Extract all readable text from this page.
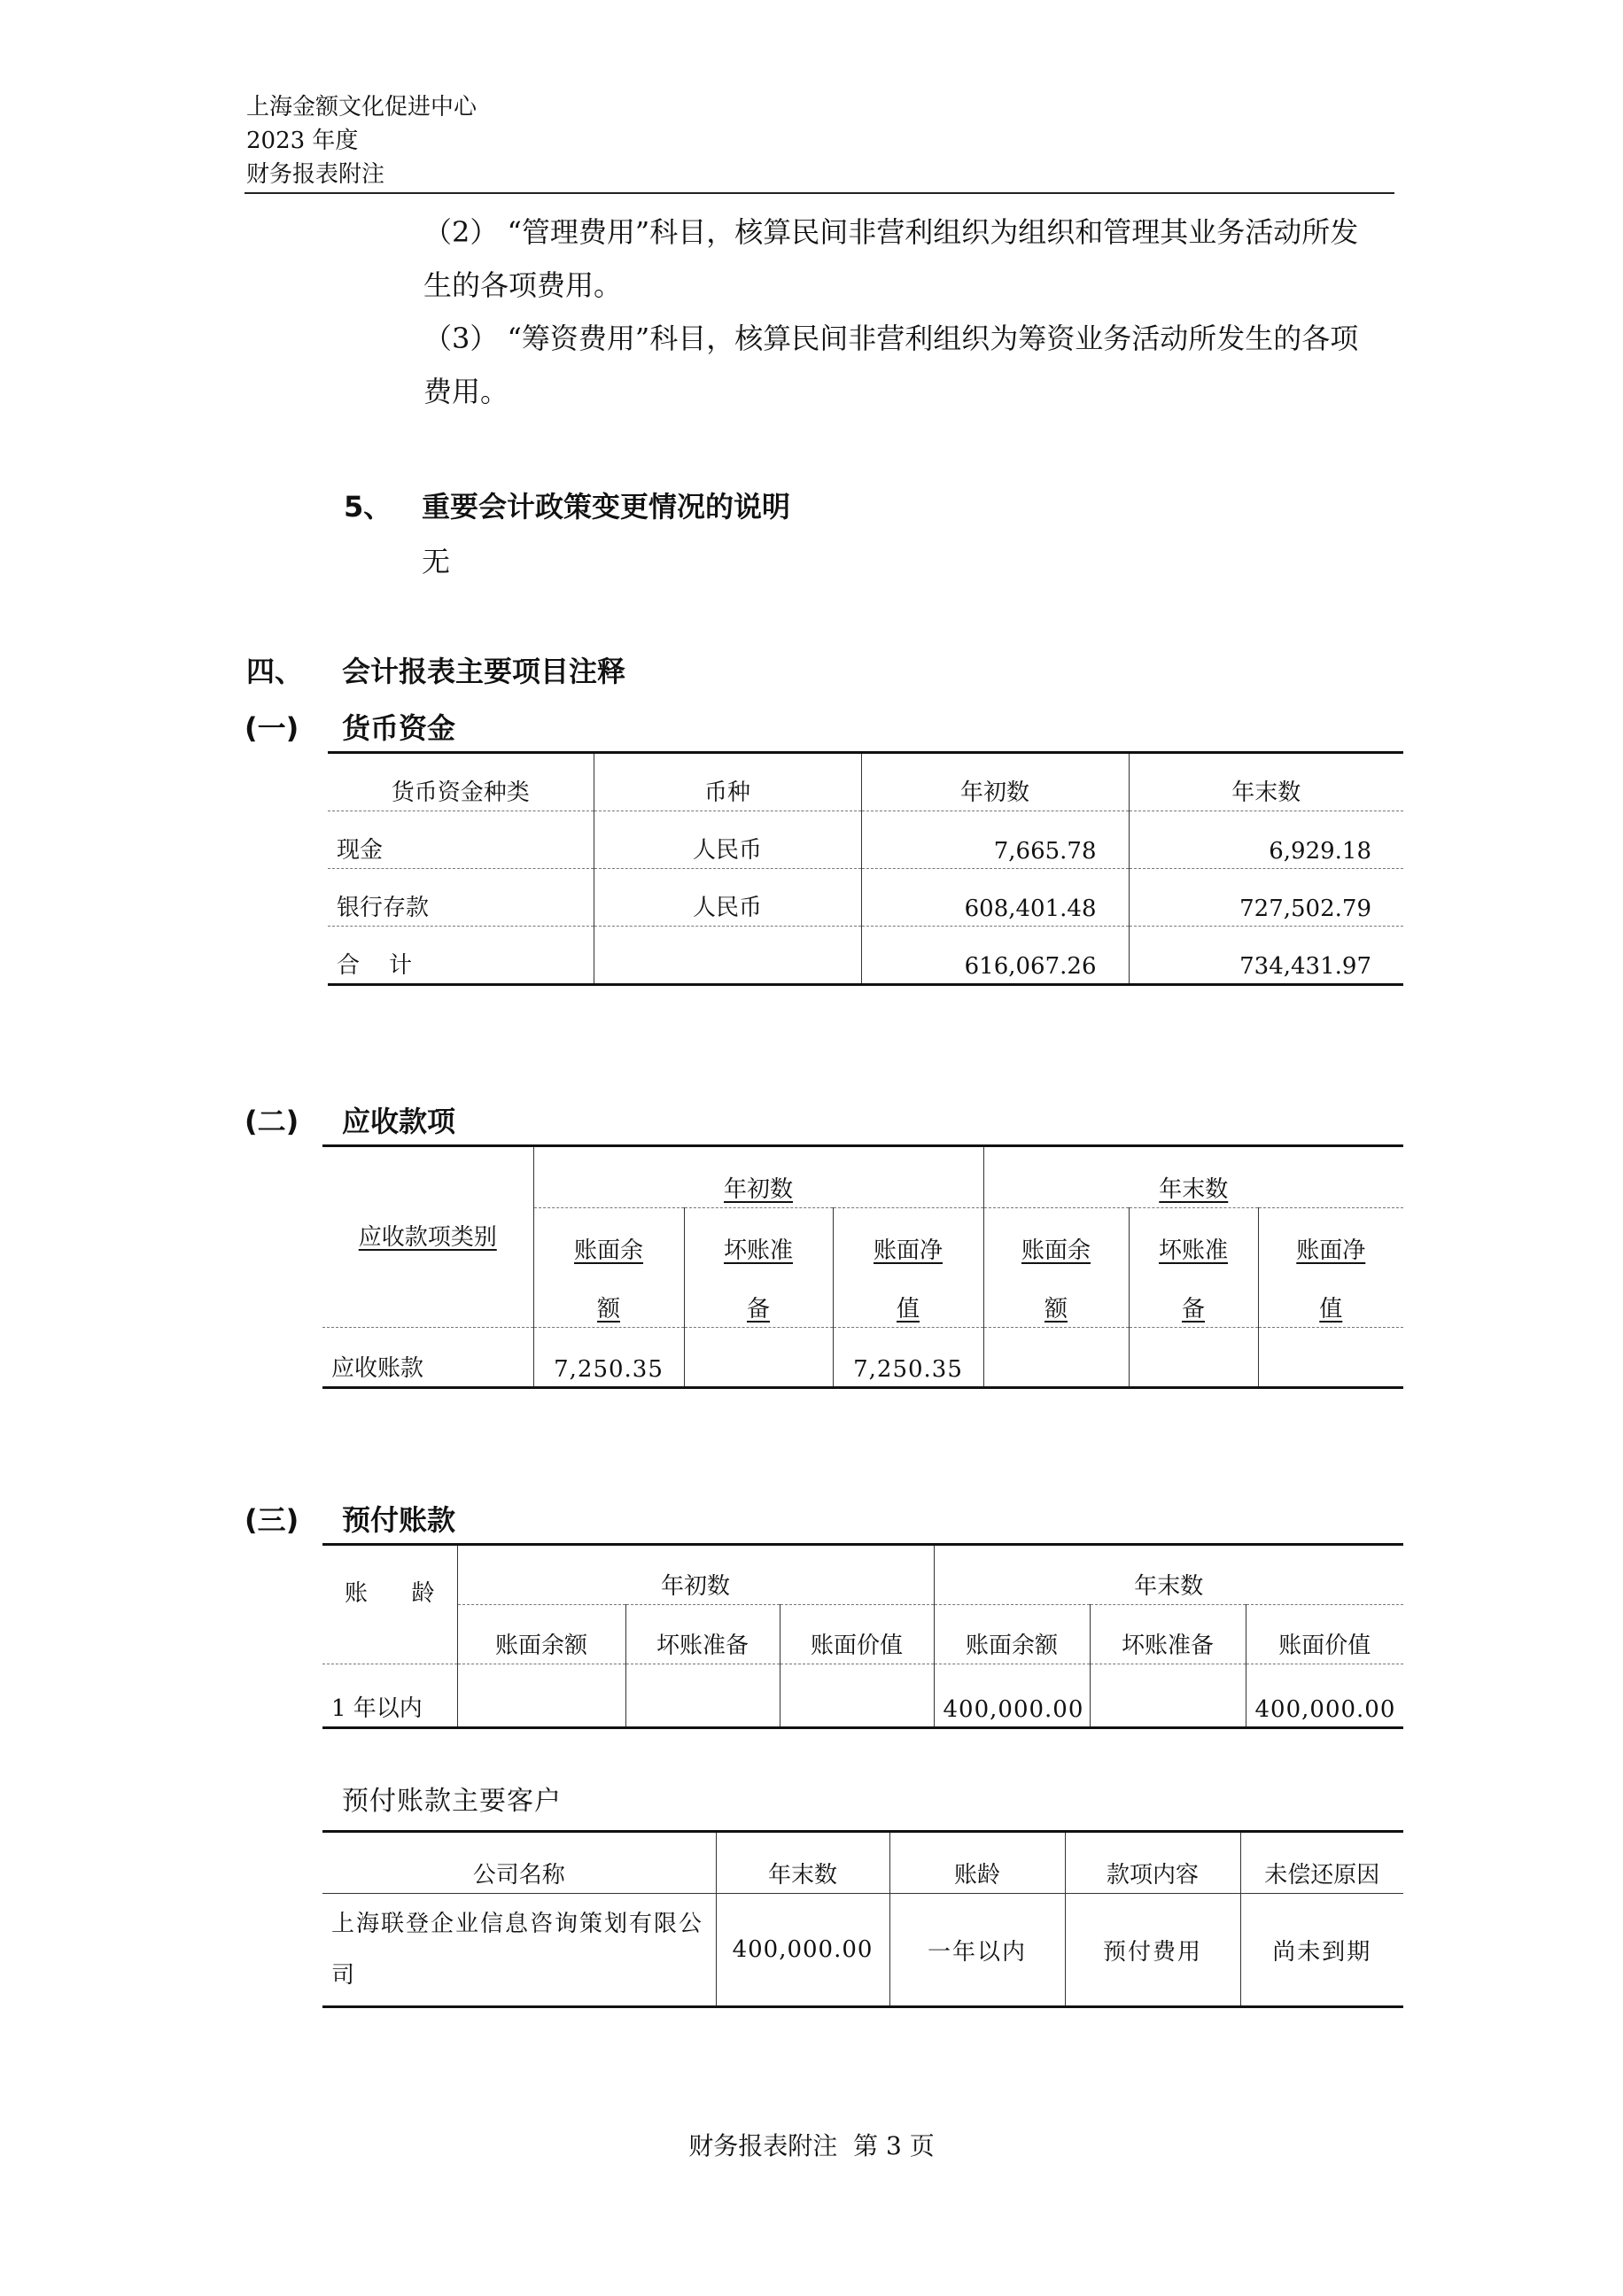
上海金额文化促进中心
2023 年度
财务报表附注
（2） “管理费用”科目，核算民间非营利组织为组织和管理其业务活动所发
生的各项费用。
（3） “筹资费用”科目，核算民间非营利组织为筹资业务活动所发生的各项
费用。
5、 重要会计政策变更情况的说明
无
四、 会计报表主要项目注释
(一) 货币资金
货币资金种类	币种	年初数	年末数
现金	人民币	7,665.78	6,929.18
银行存款	人民币	608,401.48	727,502.79
合    计		616,067.26	734,431.97
(二) 应收款项
应收款项类别	年初数			年末数		
	账面余	坏账准	账面净	账面余	坏账准	账面净
	额	备	值	额	备	值
应收账款	7,250.35		7,250.35			
(三) 预付账款
账      龄	年初数			年末数		
	账面余额	坏账准备	账面价值	账面余额	坏账准备	账面价值
1 年以内				400,000.00		400,000.00
预付账款主要客户
公司名称	年末数	账龄	款项内容	未偿还原因
上海联登企业信息咨询策划有限公司	400,000.00	一年以内	预付费用	尚未到期
财务报表附注  第 3 页
